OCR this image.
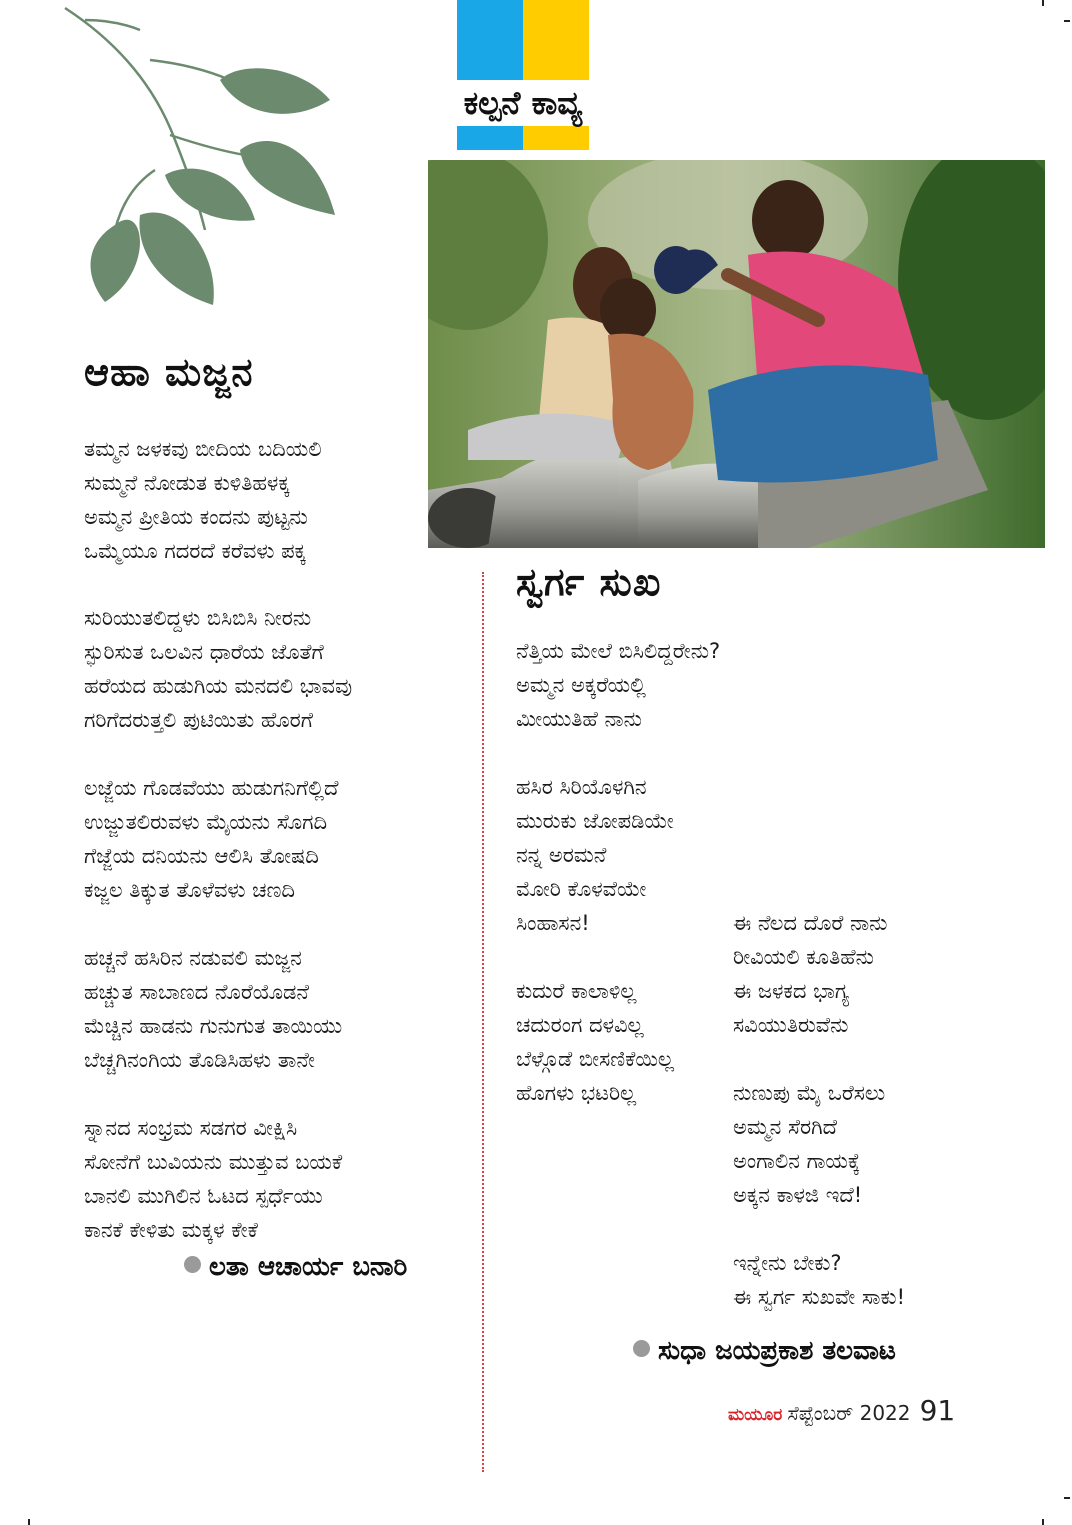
ಕಲ್ಪನೆ ಕಾವ್ಯ
ಆಹಾ ಮಜ್ಜನ
ತಮ್ಮನ ಜಳಕವು ಬೀದಿಯ ಬದಿಯಲಿ
ಸುಮ್ಮನೆ ನೋಡುತ ಕುಳಿತಿಹಳಕ್ಕ
ಅಮ್ಮನ ಪ್ರೀತಿಯ ಕಂದನು ಪುಟ್ಟನು
ಒಮ್ಮೆಯೂ ಗದರದೆ ಕರೆವಳು ಪಕ್ಕ
ಸುರಿಯುತಲಿದ್ದಳು ಬಿಸಿಬಿಸಿ ನೀರನು
ಸ್ಫುರಿಸುತ ಒಲವಿನ ಧಾರೆಯ ಜೊತೆಗೆ
ಹರೆಯದ ಹುಡುಗಿಯ ಮನದಲಿ ಭಾವವು
ಗರಿಗೆದರುತ್ತಲಿ ಪುಟಿಯಿತು ಹೊರಗೆ
ಲಜ್ಜೆಯ ಗೊಡವೆಯು ಹುಡುಗನಿಗೆಲ್ಲಿದೆ
ಉಜ್ಜುತಲಿರುವಳು ಮೈಯನು ಸೊಗದಿ
ಗೆಜ್ಜೆಯ ದನಿಯನು ಆಲಿಸಿ ತೋಷದಿ
ಕಜ್ಜಲ ತಿಕ್ಕುತ ತೊಳೆವಳು ಚಣದಿ
ಹಚ್ಚನೆ ಹಸಿರಿನ ನಡುವಲಿ ಮಜ್ಜನ
ಹಚ್ಚುತ ಸಾಬಾಣದ ನೊರೆಯೊಡನೆ
ಮೆಚ್ಚಿನ ಹಾಡನು ಗುನುಗುತ ತಾಯಿಯು
ಬೆಚ್ಚಗಿನಂಗಿಯ ತೊಡಿಸಿಹಳು ತಾನೇ
ಸ್ನಾನದ ಸಂಭ್ರಮ ಸಡಗರ ವೀಕ್ಷಿಸಿ
ಸೋನೆಗೆ ಬುವಿಯನು ಮುತ್ತುವ ಬಯಕೆ
ಬಾನಲಿ ಮುಗಿಲಿನ ಓಟದ ಸ್ಪರ್ಧೆಯು
ಕಾನಕೆ ಕೇಳಿತು ಮಕ್ಕಳ ಕೇಕೆ
ಲತಾ ಆಚಾರ್ಯ ಬನಾರಿ
ಸ್ವರ್ಗ ಸುಖ
ನೆತ್ತಿಯ ಮೇಲೆ ಬಿಸಿಲಿದ್ದರೇನು?
ಅಮ್ಮನ ಅಕ್ಕರೆಯಲ್ಲಿ
ಮೀಯುತಿಹೆ ನಾನು
ಹಸಿರ ಸಿರಿಯೊಳಗಿನ
ಮುರುಕು ಜೋಪಡಿಯೇ
ನನ್ನ ಅರಮನೆ
ಮೋರಿ ಕೊಳವೆಯೇ
ಸಿಂಹಾಸನ!
ಕುದುರೆ ಕಾಲಾಳಿಲ್ಲ
ಚದುರಂಗ ದಳವಿಲ್ಲ
ಬೆಳ್ಗೊಡೆ ಬೀಸಣಿಕೆಯಿಲ್ಲ
ಹೊಗಳು ಭಟರಿಲ್ಲ
ಈ ನೆಲದ ದೊರೆ ನಾನು
ರೀವಿಯಲಿ ಕೂತಿಹೆನು
ಈ ಜಳಕದ ಭಾಗ್ಯ
ಸವಿಯುತಿರುವೆನು
ನುಣುಪು ಮೈ ಒರೆಸಲು
ಅಮ್ಮನ ಸೆರಗಿದೆ
ಅಂಗಾಲಿನ ಗಾಯಕ್ಕೆ
ಅಕ್ಕನ ಕಾಳಜಿ ಇದೆ!
ಇನ್ನೇನು ಬೇಕು?
ಈ ಸ್ವರ್ಗ ಸುಖವೇ ಸಾಕು!
ಸುಧಾ ಜಯಪ್ರಕಾಶ ತಲವಾಟ
ಮಯೂರ ಸೆಪ್ಟೆಂಬರ್ 2022 91
